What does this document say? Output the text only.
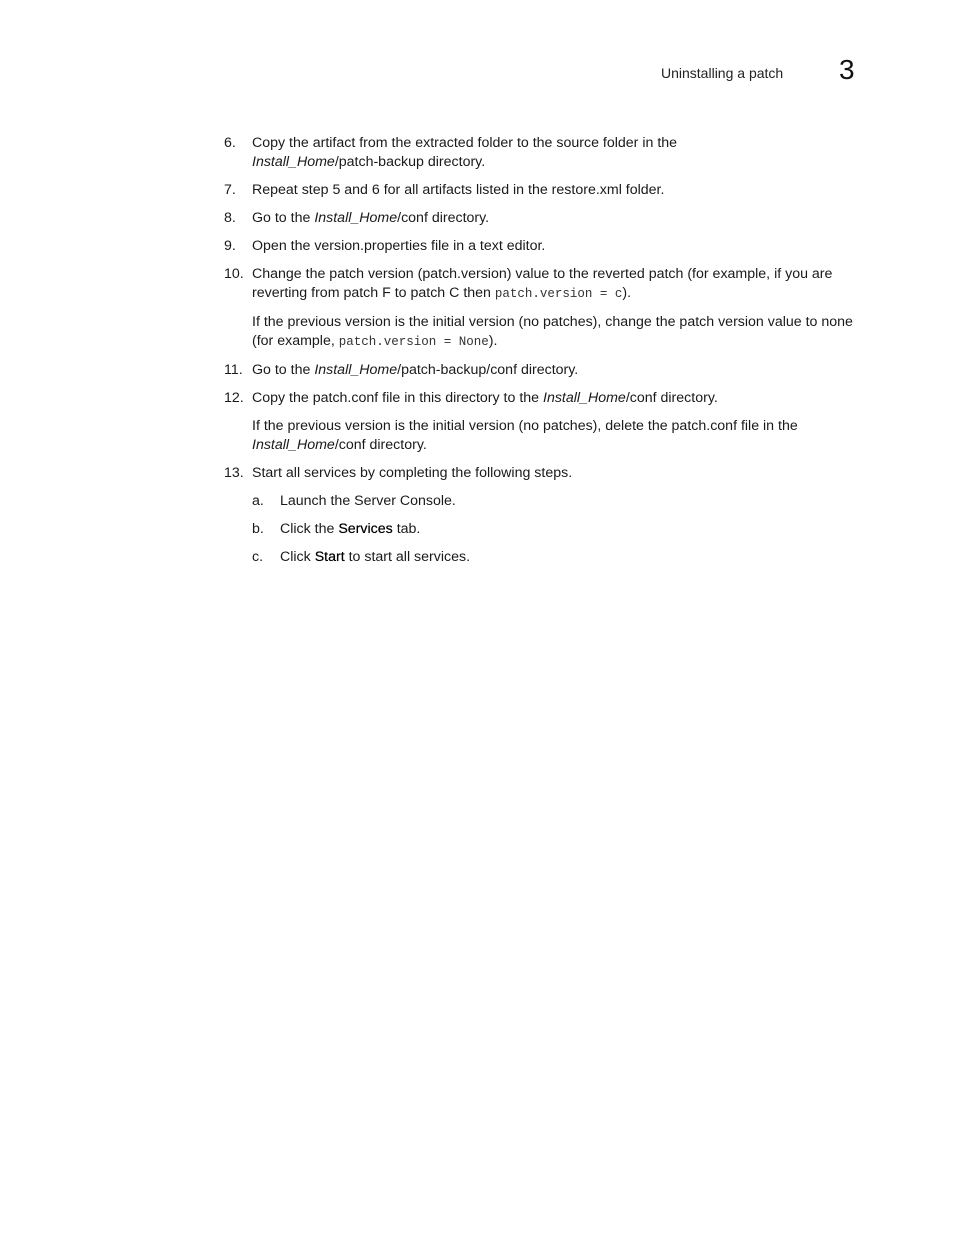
Uninstalling a patch 3
6. Copy the artifact from the extracted folder to the source folder in the
Install_Home/patch-backup directory.
7. Repeat step 5 and 6 for all artifacts listed in the restore.xml folder.
8. Go to the Install_Home/conf directory.
9. Open the version.properties file in a text editor.
10. Change the patch version (patch.version) value to the reverted patch (for example, if you are reverting from patch F to patch C then patch.version = c).
If the previous version is the initial version (no patches), change the patch version value to none (for example, patch.version = None).
11. Go to the Install_Home/patch-backup/conf directory.
12. Copy the patch.conf file in this directory to the Install_Home/conf directory.
If the previous version is the initial version (no patches), delete the patch.conf file in the
Install_Home/conf directory.
13. Start all services by completing the following steps.
a. Launch the Server Console.
b. Click the Services tab.
c. Click Start to start all services.
